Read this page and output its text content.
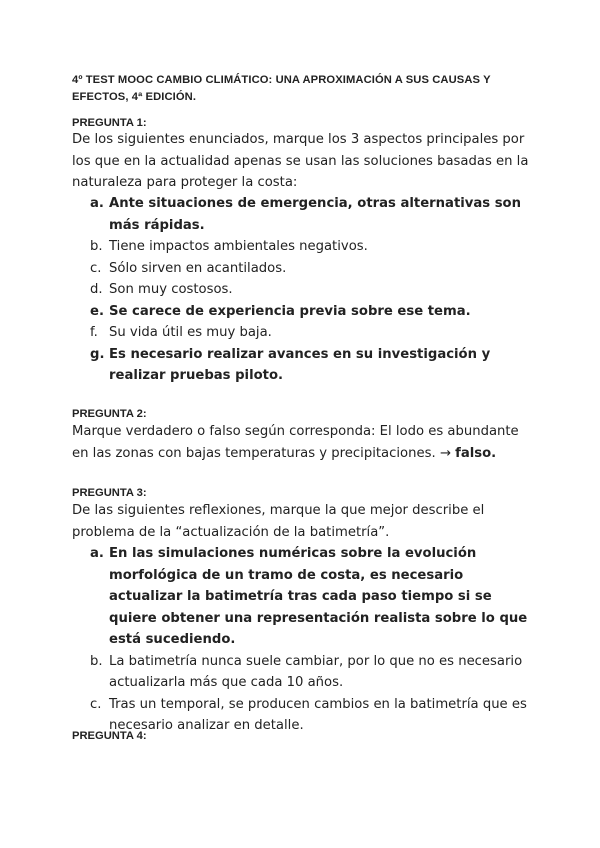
4º TEST MOOC CAMBIO CLIMÁTICO: UNA APROXIMACIÓN A SUS CAUSAS Y EFECTOS, 4ª EDICIÓN.

PREGUNTA 1:

De los siguientes enunciados, marque los 3 aspectos principales por los que en la actualidad apenas se usan las soluciones basadas en la naturaleza para proteger la costa:

a. Ante situaciones de emergencia, otras alternativas son más rápidas.
b. Tiene impactos ambientales negativos.
c. Sólo sirven en acantilados.
d. Son muy costosos.
e. Se carece de experiencia previa sobre ese tema.
f. Su vida útil es muy baja.
g. Es necesario realizar avances en su investigación y realizar pruebas piloto.

PREGUNTA 2:

Marque verdadero o falso según corresponda: El lodo es abundante en las zonas con bajas temperaturas y precipitaciones. → falso.

PREGUNTA 3:

De las siguientes reflexiones, marque la que mejor describe el problema de la “actualización de la batimetría”.

a. En las simulaciones numéricas sobre la evolución morfológica de un tramo de costa, es necesario actualizar la batimetría tras cada paso tiempo si se quiere obtener una representación realista sobre lo que está sucediendo.
b. La batimetría nunca suele cambiar, por lo que no es necesario actualizarla más que cada 10 años.
c. Tras un temporal, se producen cambios en la batimetría que es necesario analizar en detalle.

PREGUNTA 4:
